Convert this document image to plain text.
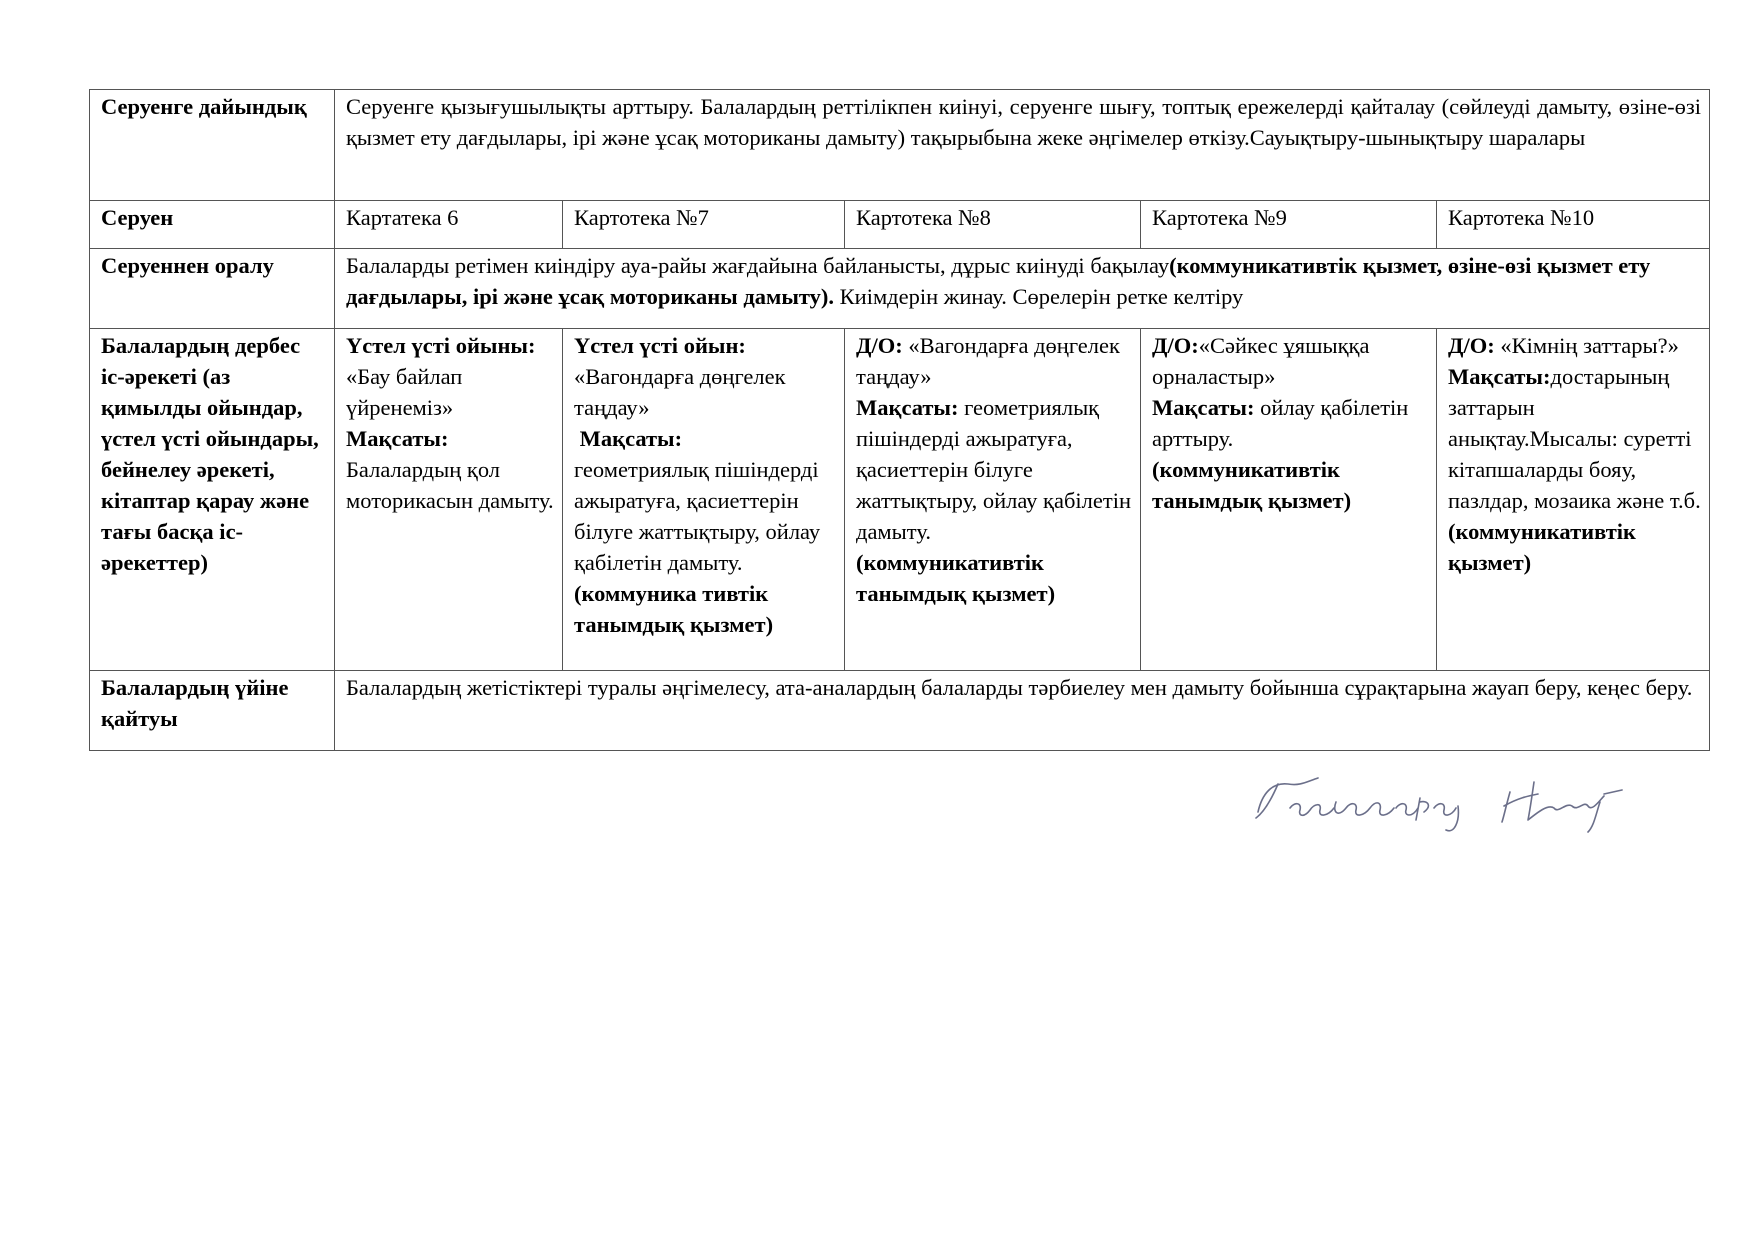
Серуенге дайындық	Серуенге қызығушылықты арттыру. Балалардың реттілікпен киінуі, серуенге шығу, топтық ережелерді қайталау (сөйлеуді дамыту, өзіне-өзі қызмет ету дағдылары, ірі және ұсақ моториканы дамыту) тақырыбына жеке әңгімелер өткізу.Сауықтыру-шынықтыру шаралары				
Серуен	Картатека 6	Картотека №7	Картотека №8	Картотека №9	Картотека №10
Серуеннен оралу	Балаларды ретімен киіндіру ауа-райы жағдайына байланысты, дұрыс киінуді бақылау(коммуникативтік қызмет, өзіне-өзі қызмет ету дағдылары, ірі және ұсақ моториканы дамыту). Киімдерін жинау. Сөрелерін ретке келтіру				
Балалардың дербес іс-әрекеті (аз қимылды ойындар, үстел үсті ойындары, бейнелеу әрекеті, кітаптар қарау және тағы басқа іс-әрекеттер)	Үстел үсті ойыны:
«Бау байлап үйренеміз»
Мақсаты:
Балалардың қол моторикасын дамыту.	Үстел үсті ойын:
«Вагондарға дөңгелек таңдау»
Мақсаты:
геометриялық пішіндерді ажыратуға, қасиеттерін білуге жаттықтыру, ойлау қабілетін дамыту.
(коммуника тивтік танымдық қызмет)	Д/О: «Вагондарға дөңгелек таңдау»
Мақсаты: геометриялық пішіндерді ажыратуға, қасиеттерін білуге жаттықтыру, ойлау қабілетін дамыту.
(коммуникативтік танымдық қызмет)	Д/О:«Сәйкес ұяшыққа орналастыр»
Мақсаты: ойлау қабілетін арттыру.
(коммуникативтік танымдық қызмет)	Д/О: «Кімнің заттары?»
Мақсаты:достарының заттарын анықтау.Мысалы: суретті кітапшаларды бояу, пазлдар, мозаика және т.б.
(коммуникативтік қызмет)
Балалардың үйіне қайтуы	Балалардың жетістіктері туралы әңгімелесу, ата-аналардың балаларды тәрбиелеу мен дамыту бойынша сұрақтарына жауап беру, кеңес беру.				
